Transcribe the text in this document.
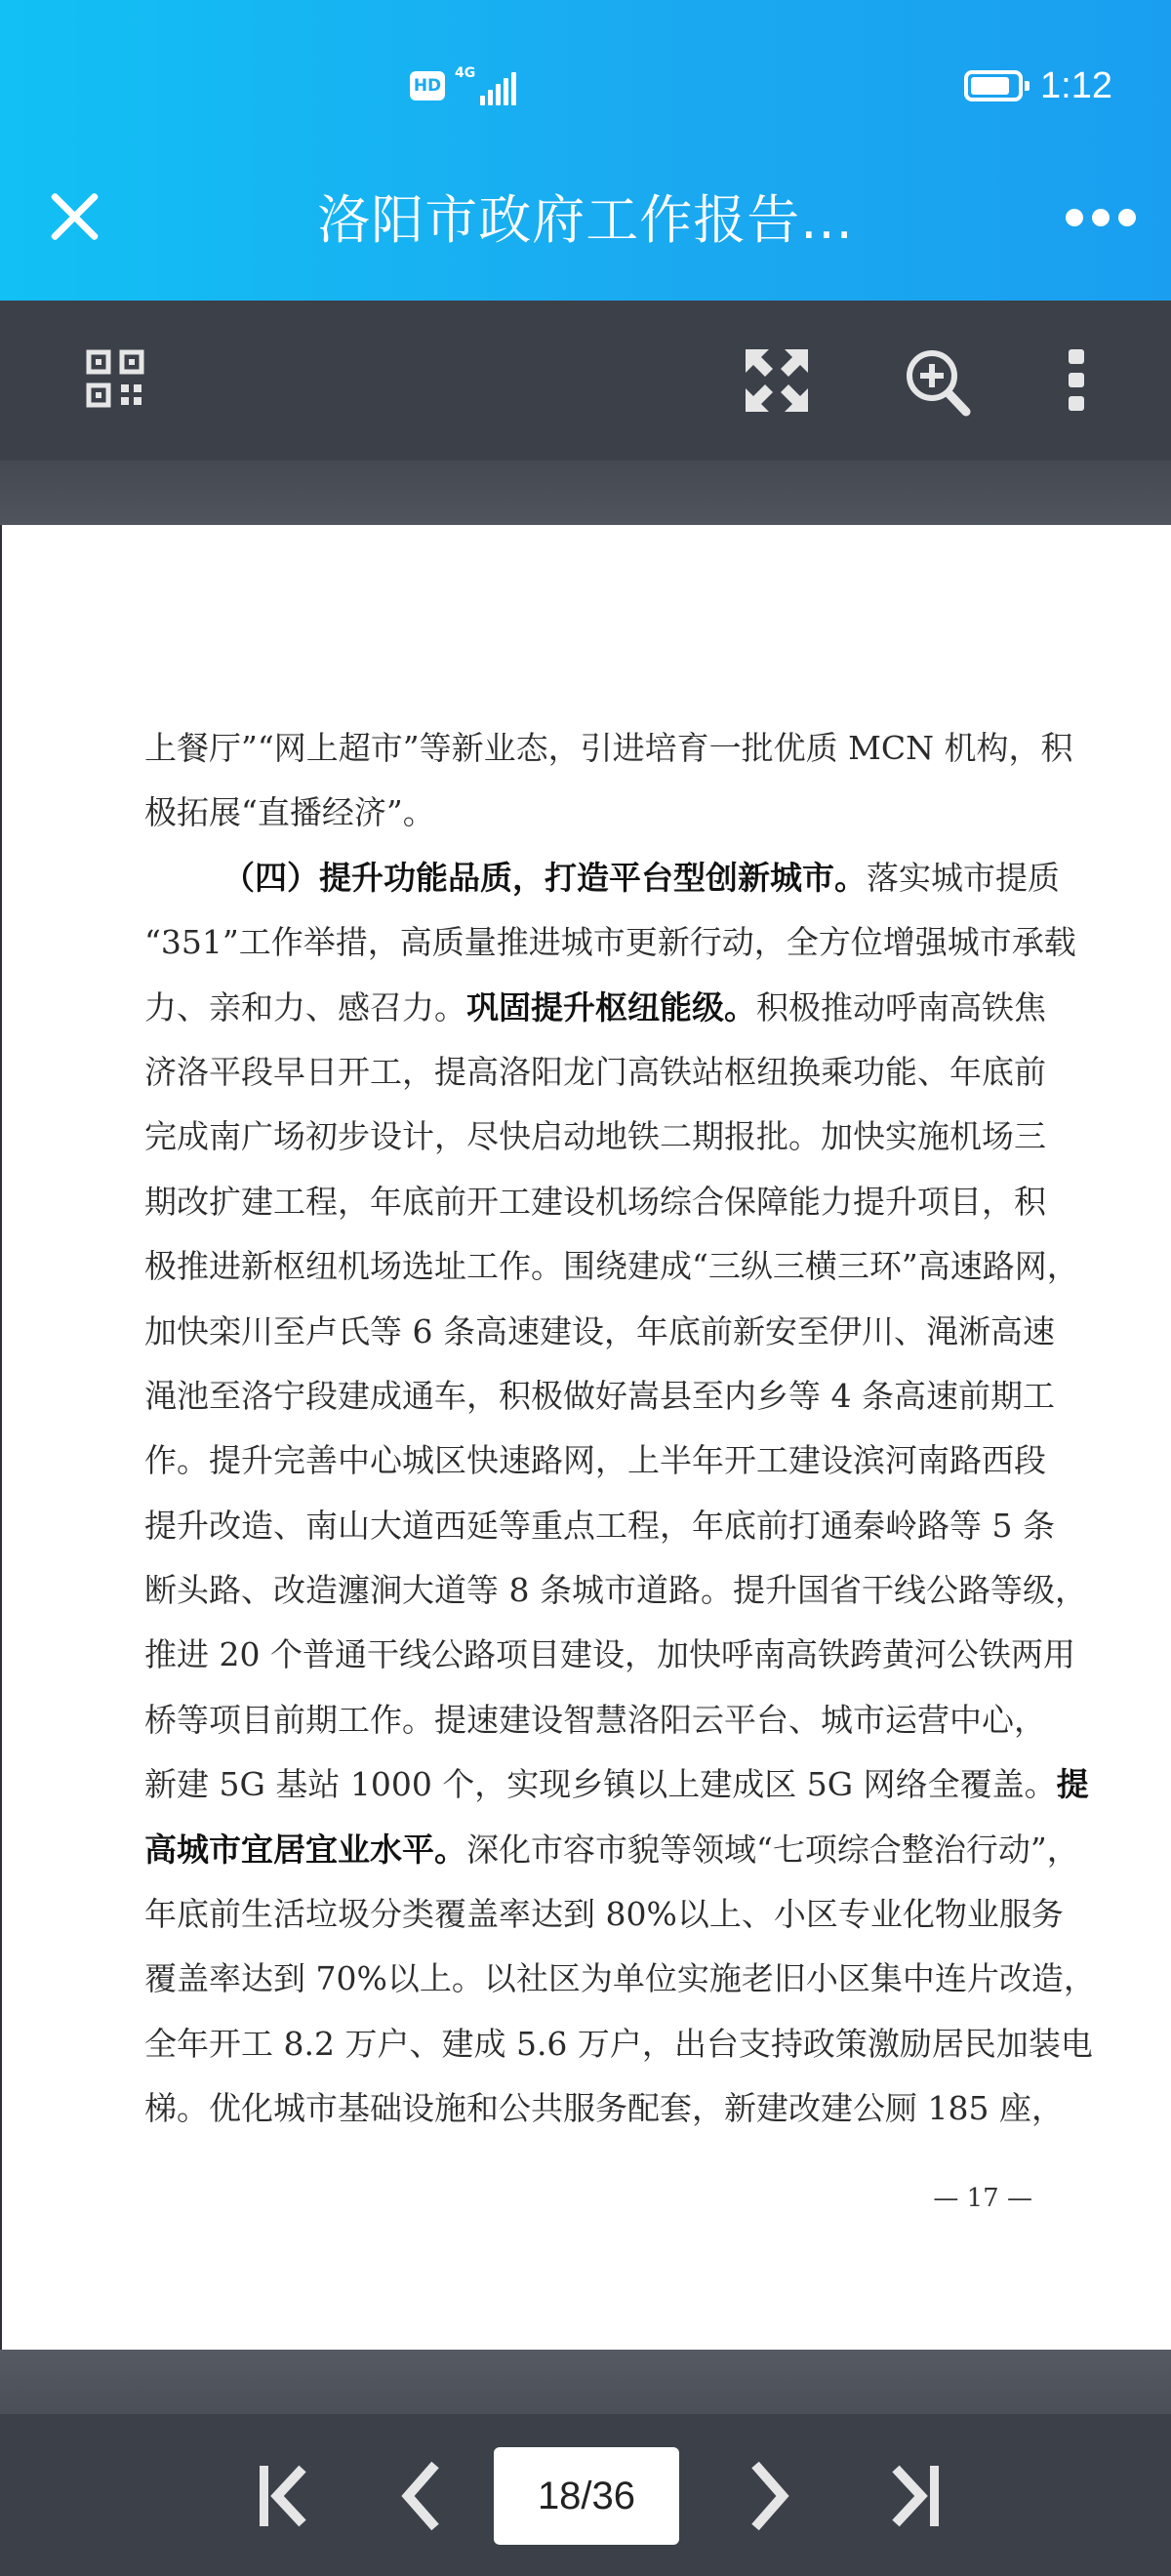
HD
4G	1:12
洛阳市政府工作报告...
上餐厅”“网上超市”等新业态，引进培育一批优质 MCN 机构，积
极拓展“直播经济”。
（四）提升功能品质，打造平台型创新城市。落实城市提质
“351”工作举措，高质量推进城市更新行动，全方位增强城市承载
力、亲和力、感召力。巩固提升枢纽能级。积极推动呼南高铁焦
济洛平段早日开工，提高洛阳龙门高铁站枢纽换乘功能、年底前
完成南广场初步设计，尽快启动地铁二期报批。加快实施机场三
期改扩建工程，年底前开工建设机场综合保障能力提升项目，积
极推进新枢纽机场选址工作。围绕建成“三纵三横三环”高速路网，
加快栾川至卢氏等 6 条高速建设，年底前新安至伊川、渑淅高速
渑池至洛宁段建成通车，积极做好嵩县至内乡等 4 条高速前期工
作。提升完善中心城区快速路网，上半年开工建设滨河南路西段
提升改造、南山大道西延等重点工程，年底前打通秦岭路等 5 条
断头路、改造瀍涧大道等 8 条城市道路。提升国省干线公路等级，
推进 20 个普通干线公路项目建设，加快呼南高铁跨黄河公铁两用
桥等项目前期工作。提速建设智慧洛阳云平台、城市运营中心，
新建 5G 基站 1000 个，实现乡镇以上建成区 5G 网络全覆盖。提
高城市宜居宜业水平。深化市容市貌等领域“七项综合整治行动”，
年底前生活垃圾分类覆盖率达到 80%以上、小区专业化物业服务
覆盖率达到 70%以上。以社区为单位实施老旧小区集中连片改造，
全年开工 8.2 万户、建成 5.6 万户，出台支持政策激励居民加装电
梯。优化城市基础设施和公共服务配套，新建改建公厕 185 座，
— 17 —
18/36
